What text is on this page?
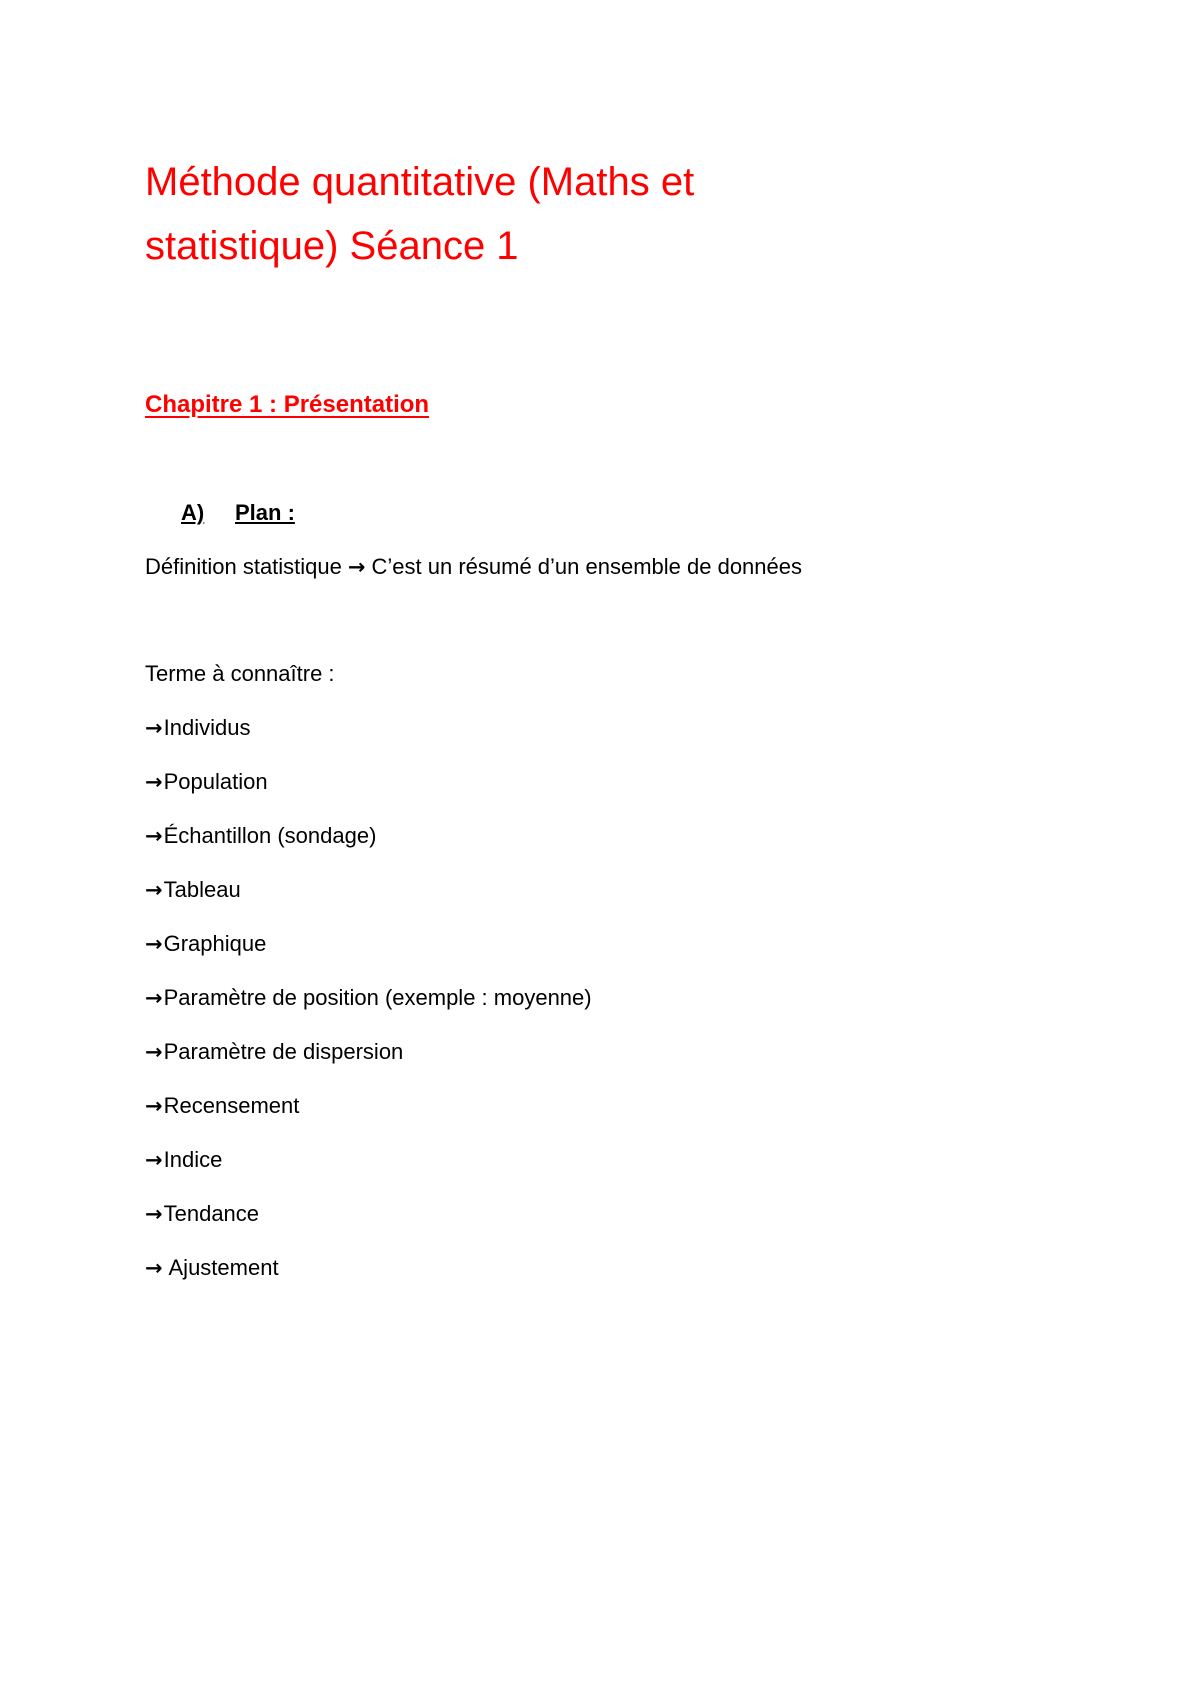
Méthode quantitative (Maths et
statistique) Séance 1
Chapitre 1 : Présentation
A) Plan :

Définition statistique → C’est un résumé d’un ensemble de données

Terme à connaître :

→ Individus
→ Population
→ Échantillon (sondage)
→ Tableau
→ Graphique
→ Paramètre de position (exemple : moyenne)
→ Paramètre de dispersion
→ Recensement
→ Indice
→ Tendance
→ Ajustement
